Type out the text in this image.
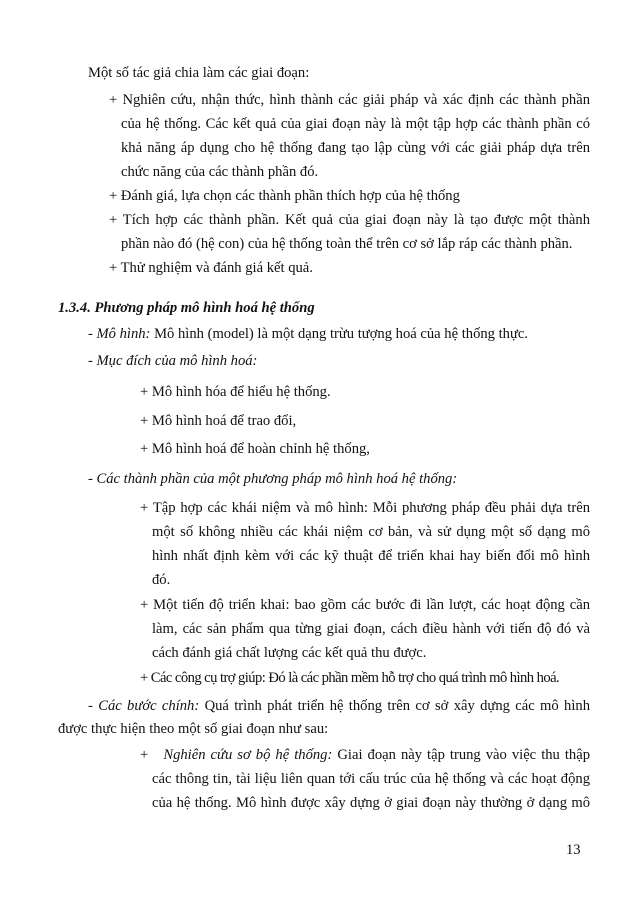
Một số tác giả chia làm các giai đoạn:
+ Nghiên cứu, nhận thức, hình thành các giải pháp và xác định các thành phần
của hệ thống. Các kết quả của giai đoạn này là một tập hợp các thành phần có
khả năng áp dụng cho hệ thống đang tạo lập cùng với các giải pháp dựa trên
chức năng của các thành phần đó.
+ Đánh giá, lựa chọn các thành phần thích hợp của hệ thống
+ Tích hợp các thành phần. Kết quả của giai đoạn này là tạo được một thành
phần nào đó (hệ con) của hệ thống toàn thể trên cơ sở lắp ráp các thành phần.
+ Thử nghiệm và đánh giá kết quả.
1.3.4. Phương pháp mô hình hoá hệ thống
- Mô hình: Mô hình (model) là một dạng trừu tượng hoá của hệ thống thực.
- Mục đích của mô hình hoá:
+ Mô hình hóa để hiểu hệ thống.
+ Mô hình hoá để trao đổi,
+ Mô hình hoá để hoàn chỉnh hệ thống,
- Các thành phần của một phương pháp mô hình hoá hệ thống:
+ Tập hợp các khái niệm và mô hình: Mỗi phương pháp đều phải dựa trên
một số không nhiều các khái niệm cơ bản, và sử dụng một số dạng mô
hình nhất định kèm với các kỹ thuật để triển khai hay biến đổi mô hình
đó.
+ Một tiến độ triển khai: bao gồm các bước đi lần lượt, các hoạt động cần
làm, các sản phẩm qua từng giai đoạn, cách điều hành với tiến độ đó và
cách đánh giá chất lượng các kết quả thu được.
+ Các công cụ trợ giúp: Đó là các phần mềm hỗ trợ cho quá trình mô hình hoá.
- Các bước chính: Quá trình phát triển hệ thống trên cơ sở xây dựng các mô hình
được thực hiện theo một số giai đoạn như sau:
+   Nghiên cứu sơ bộ hệ thống: Giai đoạn này tập trung vào việc thu thập
các thông tin, tài liệu liên quan tới cấu trúc của hệ thống và các hoạt động
của hệ thống. Mô hình được xây dựng ở giai đoạn này thường ở dạng mô
13
